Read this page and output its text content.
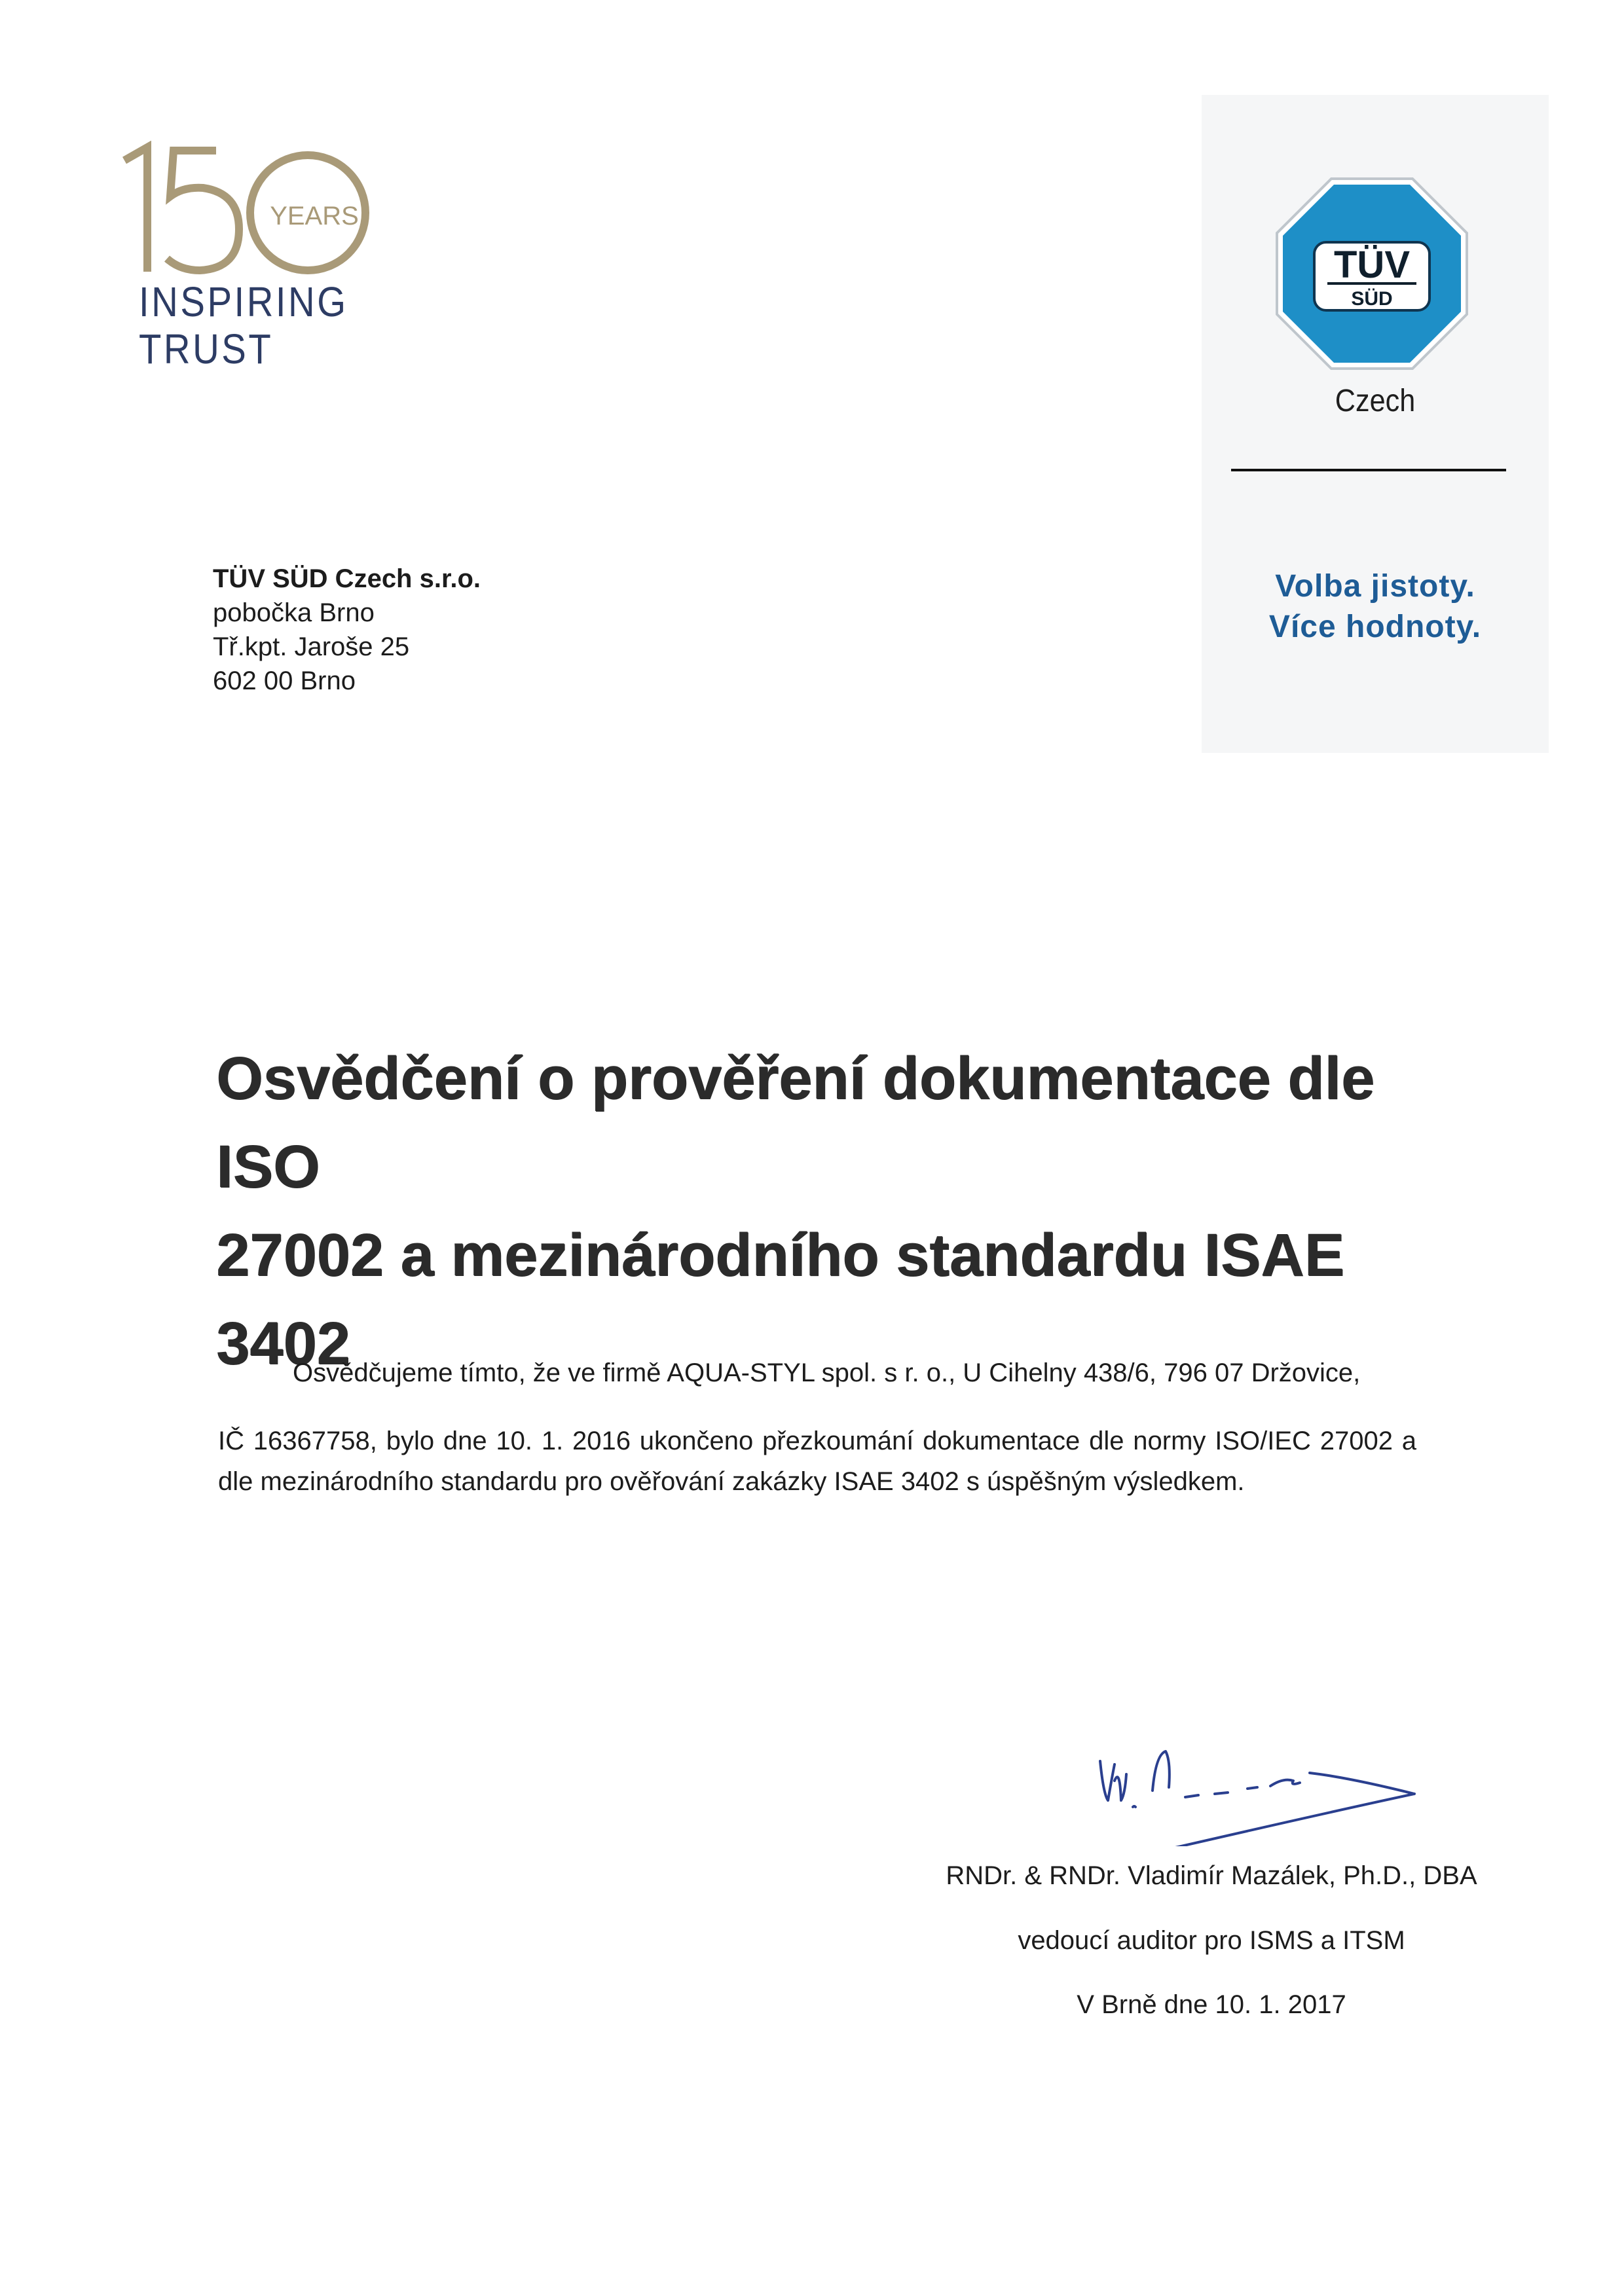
YEARS
150
INSPIRING
TRUST
TÜV
SÜD
Czech
Volba jistoty.
Více hodnoty.
TÜV SÜD Czech s.r.o.
pobočka Brno
Tř.kpt. Jaroše 25
602 00 Brno
Osvědčení o prověření dokumentace dle ISO
27002 a mezinárodního standardu ISAE 3402
Osvědčujeme tímto, že ve firmě AQUA-STYL spol. s r. o., U Cihelny 438/6, 796 07 Držovice,
IČ 16367758, bylo dne 10. 1. 2016 ukončeno přezkoumání dokumentace dle normy ISO/IEC 27002 a dle mezinárodního standardu pro ověřování zakázky ISAE 3402 s úspěšným výsledkem.
RNDr. & RNDr. Vladimír Mazálek, Ph.D., DBA
vedoucí auditor pro ISMS a ITSM
V Brně dne 10. 1. 2017
